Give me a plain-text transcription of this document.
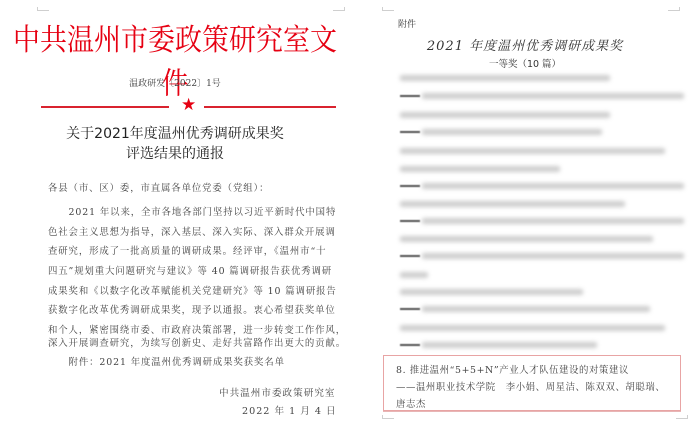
中共温州市委政策研究室文件
温政研发〔2022〕1号
★
关于2021年度温州优秀调研成果奖
评选结果的通报
各县（市、区）委，市直属各单位党委（党组）：
　　2021 年以来，全市各地各部门坚持以习近平新时代中国特
色社会主义思想为指导，深入基层、深入实际、深入群众开展调
查研究，形成了一批高质量的调研成果。经评审，《温州市“十
四五”规划重大问题研究与建议》等 40 篇调研报告获优秀调研
成果奖和《以数字化改革赋能机关党建研究》等 10 篇调研报告
获数字化改革优秀调研成果奖，现予以通报。衷心希望获奖单位
和个人，紧密围绕市委、市政府决策部署，进一步转变工作作风，
深入开展调查研究，为续写创新史、走好共富路作出更大的贡献。
　　附件：2021 年度温州优秀调研成果奖获奖名单
中共温州市委政策研究室
2022 年 1 月 4 日
附件
2021 年度温州优秀调研成果奖
一等奖（10 篇）
8. 推进温州“5+5+N”产业人才队伍建设的对策建议
——温州职业技术学院　李小娟、周星洁、陈双双、胡聪瑞、
唐志杰
